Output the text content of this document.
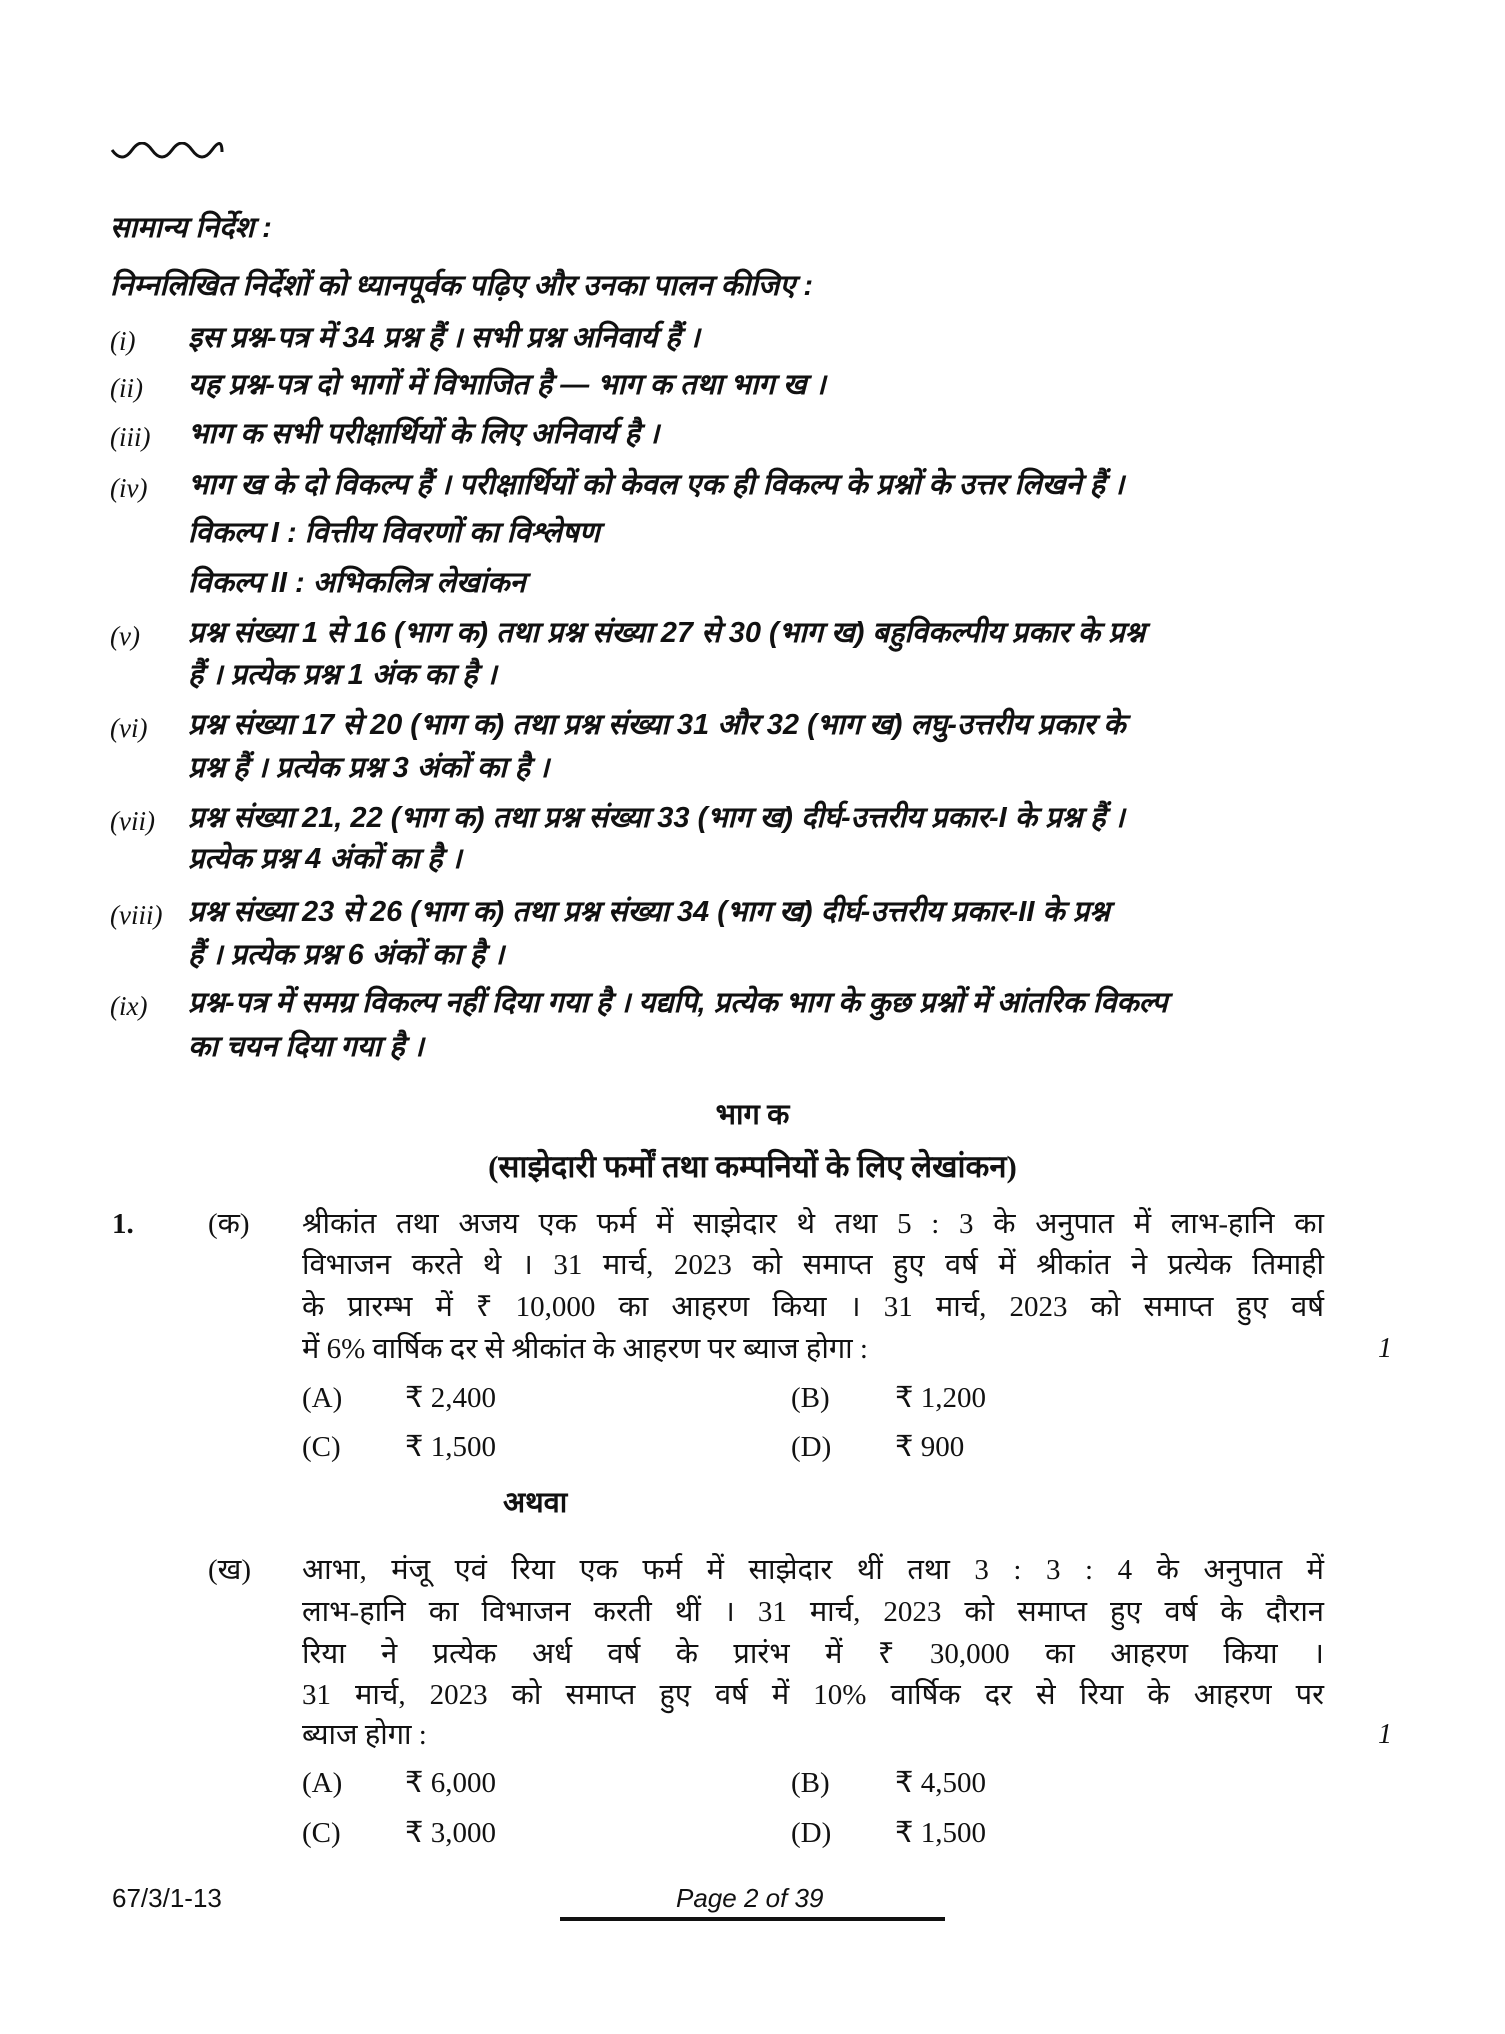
सामान्य निर्देश :
निम्नलिखित निर्देशों को ध्यानपूर्वक पढ़िए और उनका पालन कीजिए :
(i) इस प्रश्न-पत्र में 34 प्रश्न हैं । सभी प्रश्न अनिवार्य हैं ।
(ii) यह प्रश्न-पत्र दो भागों में विभाजित है — भाग क तथा भाग ख ।
(iii) भाग क सभी परीक्षार्थियों के लिए अनिवार्य है ।
(iv) भाग ख के दो विकल्प हैं । परीक्षार्थियों को केवल एक ही विकल्प के प्रश्नों के उत्तर लिखने हैं ।
विकल्प I : वित्तीय विवरणों का विश्लेषण
विकल्प II : अभिकलित्र लेखांकन
(v) प्रश्न संख्या 1 से 16 (भाग क) तथा प्रश्न संख्या 27 से 30 (भाग ख) बहुविकल्पीय प्रकार के प्रश्न
हैं । प्रत्येक प्रश्न 1 अंक का है ।
(vi) प्रश्न संख्या 17 से 20 (भाग क) तथा प्रश्न संख्या 31 और 32 (भाग ख) लघु-उत्तरीय प्रकार के
प्रश्न हैं । प्रत्येक प्रश्न 3 अंकों का है ।
(vii) प्रश्न संख्या 21, 22 (भाग क) तथा प्रश्न संख्या 33 (भाग ख) दीर्घ-उत्तरीय प्रकार-I के प्रश्न हैं ।
प्रत्येक प्रश्न 4 अंकों का है ।
(viii) प्रश्न संख्या 23 से 26 (भाग क) तथा प्रश्न संख्या 34 (भाग ख) दीर्घ-उत्तरीय प्रकार-II के प्रश्न
हैं । प्रत्येक प्रश्न 6 अंकों का है ।
(ix) प्रश्न-पत्र में समग्र विकल्प नहीं दिया गया है । यद्यपि, प्रत्येक भाग के कुछ प्रश्नों में आंतरिक विकल्प
का चयन दिया गया है ।
भाग क
(साझेदारी फर्मों तथा कम्पनियों के लिए लेखांकन)
1.	(क) श्रीकांत तथा अजय एक फर्म में साझेदार थे तथा 5 : 3 के अनुपात में लाभ-हानि का
विभाजन करते थे । 31 मार्च, 2023 को समाप्त हुए वर्ष में श्रीकांत ने प्रत्येक तिमाही
के प्रारम्भ में ₹ 10,000 का आहरण किया । 31 मार्च, 2023 को समाप्त हुए वर्ष
में 6% वार्षिक दर से श्रीकांत के आहरण पर ब्याज होगा :	1
(A) ₹ 2,400	(B) ₹ 1,200
(C) ₹ 1,500	(D) ₹ 900
अथवा
(ख) आभा, मंजू एवं रिया एक फर्म में साझेदार थीं तथा 3 : 3 : 4 के अनुपात में
लाभ-हानि का विभाजन करती थीं । 31 मार्च, 2023 को समाप्त हुए वर्ष के दौरान
रिया ने प्रत्येक अर्ध वर्ष के प्रारंभ में ₹ 30,000 का आहरण किया ।
31 मार्च, 2023 को समाप्त हुए वर्ष में 10% वार्षिक दर से रिया के आहरण पर
ब्याज होगा :	1
(A) ₹ 6,000	(B) ₹ 4,500
(C) ₹ 3,000	(D) ₹ 1,500
67/3/1-13	Page 2 of 39
